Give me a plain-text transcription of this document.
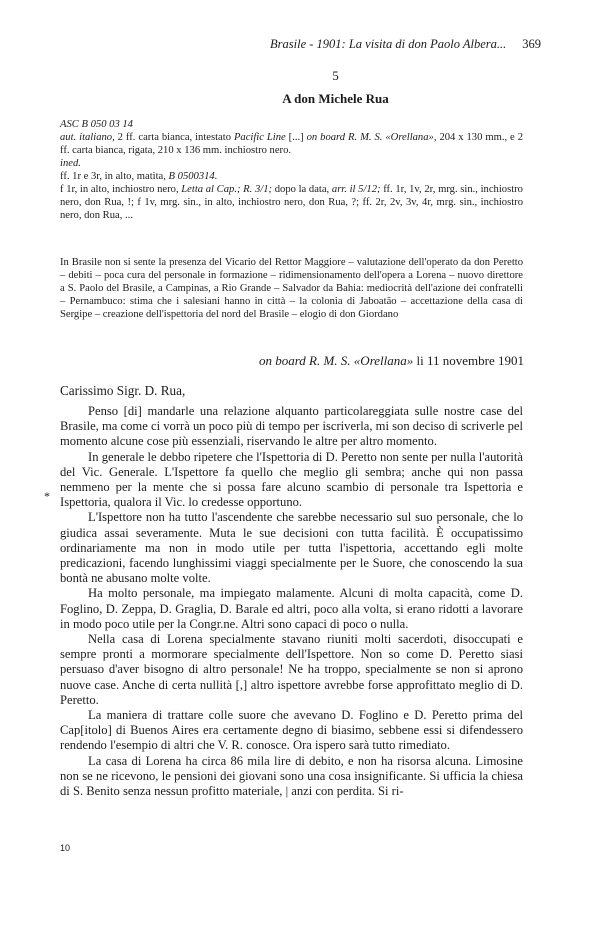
Brasile - 1901: La visita di don Paolo Albera... 369
5
A don Michele Rua

ASC B 050 03 14

aut. italiano, 2 ff. carta bianca, intestato Pacific Line [...] on board R. M. S. «Orellana», 204 x 130 mm., e 2 ff. carta bianca, rigata, 210 x 136 mm. inchiostro nero.

ined.

ff. 1r e 3r, in alto, matita, B 0500314.

f 1r, in alto, inchiostro nero, Letta al Cap.; R. 3/1; dopo la data, arr. il 5/12; ff. 1r, 1v, 2r, mrg. sin., inchiostro nero, don Rua, !; f 1v, mrg. sin., in alto, inchiostro nero, don Rua, ?; ff. 2r, 2v, 3v, 4r, mrg. sin., inchiostro nero, don Rua, ...

In Brasile non si sente la presenza del Vicario del Rettor Maggiore – valutazione dell'operato da don Peretto – debiti – poca cura del personale in formazione – ridimensionamento dell'opera a Lorena – nuovo direttore a S. Paolo del Brasile, a Campinas, a Rio Grande – Salvador da Bahia: mediocrità dell'azione dei confratelli – Pernambuco: stima che i salesiani hanno in città – la colonia di Jaboatão – accettazione della casa di Sergipe – creazione dell'ispettoria del nord del Brasile – elogio di don Giordano

on board R. M. S. «Orellana» li 11 novembre 1901

Carissimo Sigr. D. Rua,

*

Penso [di] mandarle una relazione alquanto particolareggiata sulle nostre case del Brasile, ma come ci vorrà un poco più di tempo per iscriverla, mi son deciso di scriverle pel momento alcune cose più essenziali, riservando le altre per altro momento.

In generale le debbo ripetere che l'Ispettoria di D. Peretto non sente per nulla l'autorità del Vic. Generale. L'Ispettore fa quello che meglio gli sembra; anche qui non passa nemmeno per la mente che si possa fare alcuno scambio di personale tra Ispettoria e Ispettoria, qualora il Vic. lo credesse opportuno.

L'Ispettore non ha tutto l'ascendente che sarebbe necessario sul suo personale, che lo giudica assai severamente. Muta le sue decisioni con tutta facilità. È occupatissimo ordinariamente ma non in modo utile per tutta l'ispettoria, accettando egli molte predicazioni, facendo lunghissimi viaggi specialmente per le Suore, che conoscendo la sua bontà ne abusano molte volte.

Ha molto personale, ma impiegato malamente. Alcuni di molta capacità, come D. Foglino, D. Zeppa, D. Graglia, D. Barale ed altri, poco alla volta, si erano ridotti a lavorare in modo poco utile per la Congr.ne. Altri sono capaci di poco o nulla.

Nella casa di Lorena specialmente stavano riuniti molti sacerdoti, disoccupati e sempre pronti a mormorare specialmente dell'Ispettore. Non so come D. Peretto siasi persuaso d'aver bisogno di altro personale! Ne ha troppo, specialmente se non si aprono nuove case. Anche di certa nullità [,] altro ispettore avrebbe forse approfittato meglio di D. Peretto.

La maniera di trattare colle suore che avevano D. Foglino e D. Peretto prima del Cap[itolo] di Buenos Aires era certamente degno di biasimo, sebbene essi si difendessero rendendo l'esempio di altri che V. R. conosce. Ora ispero sarà tutto rimediato.

La casa di Lorena ha circa 86 mila lire di debito, e non ha risorsa alcuna. Limosine non se ne ricevono, le pensioni dei giovani sono una cosa insignificante. Si ufficia la chiesa di S. Benito senza nessun profitto materiale, | anzi con perdita. Si ri-

10
